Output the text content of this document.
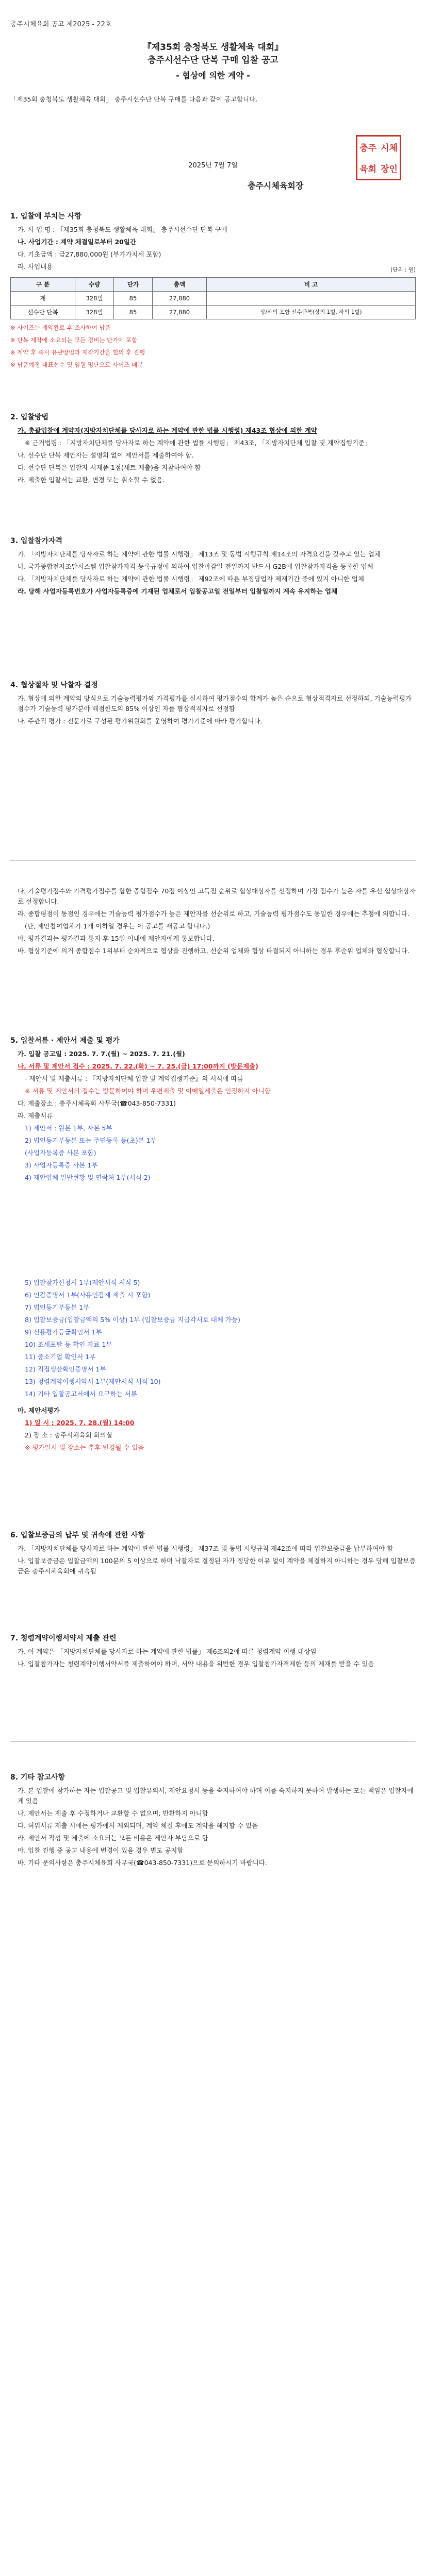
충주시체육회 공고 제2025 - 22호
『제35회 충청북도 생활체육 대회』
충주시선수단 단복 구매 입찰 공고
- 협상에 의한 계약 -
「제35회 충청북도 생활체육 대회」 충주시선수단 단복 구매를 다음과 같이 공고합니다.
2025년 7월 7일
충주시체육회장
충주 시체
육회 장인
1. 입찰에 부치는 사항

가. 사 업 명 : 『제35회 충청북도 생활체육 대회』 충주시선수단 단복 구매

나. 사업기간 : 계약 체결일로부터 20일간

다. 기초금액 : 금27,880,000원 (부가가치세 포함)

라. 사업내용	(단위 : 원)
구 분	수량	단가	총액	비 고
계	328벌	85	27,880	
선수단 단복	328벌	85	27,880	상/하의 포함 선수단복(상의 1벌, 하의 1벌)

※ 사이즈는 계약완료 후 조사하여 납품

※ 단복 제작에 소요되는 모든 경비는 단가에 포함

※ 계약 후 즉시 유관방법과 제작기간을 협의 후 진행

※ 납품예정 대표선수 및 임원 명단으로 사이즈 배분

2. 입찰방법

가. 총괄입찰에 계약자(지방자치단체를 당사자로 하는 계약에 관한 법률 시행령) 제43조 협상에 의한 계약

※ 근거법령 : 「지방자치단체를 당사자로 하는 계약에 관한 법률 시행령」 제43조, 「지방자치단체 입찰 및 계약집행기준」

나. 선수단 단복 제안자는 설명회 없이 제안서를 제출하여야 함.

다. 선수단 단복은 입찰자 시제품 1점(세트 제출)을 지참하여야 함

라. 제출한 입찰서는 교환, 변경 또는 취소할 수 없음.

3. 입찰참가자격

가. 「지방자치단체를 당사자로 하는 계약에 관한 법률 시행령」 제13조 및 동법 시행규칙 제14조의 자격요건을 갖추고 있는 업체

나. 국가종합전자조달시스템 입찰참가자격 등록규정에 의하여 입찰마감일 전일까지 반드시 G2B에 입찰참가자격을 등록한 업체

다. 「지방자치단체를 당사자로 하는 계약에 관한 법률 시행령」 제92조에 따른 부정당업자 제재기간 중에 있지 아니한 업체

라. 당해 사업자등록번호가 사업자등록증에 기재된 업체로서 입찰공고일 전일부터 입찰일까지 계속 유지하는 업체

4. 협상절차 및 낙찰자 결정

가. 협상에 의한 계약의 방식으로 기술능력평가와 가격평가를 실시하여 평가점수의 합계가 높은 순으로 협상적격자로 선정하되, 기술능력평가 점수가 기술능력 평가분야 배점한도의 85% 이상인 자를 협상적격자로 선정함

나. 주관적 평가 : 전문가로 구성된 평가위원회를 운영하여 평가기준에 따라 평가합니다.

다. 기술평가점수와 가격평가점수를 합한 종합점수 70점 이상인 고득점 순위로 협상대상자를 선정하며 가장 점수가 높은 자를 우선 협상대상자로 선정합니다.

라. 종합평점이 동점인 경우에는 기술능력 평가점수가 높은 제안자를 선순위로 하고, 기술능력 평가점수도 동일한 경우에는 추첨에 의합니다.

(단, 제안참여업체가 1개 이하일 경우는 이 공고를 재공고 합니다.)

마. 평가결과는 평가결과 통지 후 15일 이내에 제안자에게 통보합니다.

바. 협상기준에 의거 종합점수 1위부터 순차적으로 협상을 진행하고, 선순위 업체와 협상 타결되지 아니하는 경우 후순위 업체와 협상합니다.

5. 입찰서류 · 제안서 제출 및 평가

가. 입찰 공고일 : 2025. 7. 7.(월) ~ 2025. 7. 21.(월)

나. 서류 및 제안서 접수 : 2025. 7. 22.(화) ~ 7. 25.(금) 17:00까지 (방문제출)

- 제안서 및 제출서류 : 『지방자치단체 입찰 및 계약집행기준』의 서식에 따름

※ 서류 및 제안서의 접수는 방문하여야 하며 우편제출 및 이메일제출은 인정하지 아니함

다. 제출장소 : 충주시체육회 사무국(☎043-850-7331)

라. 제출서류

1) 제안서 : 원본 1부, 사본 5부

2) 법인등기부등본 또는 주민등록 등(초)본 1부

(사업자등록증 사본 포함)

3) 사업자등록증 사본 1부

4) 제안업체 일반현황 및 연락처 1부(서식 2)

5) 입찰참가신청서 1부(제안서식 서식 5)

6) 인감증명서 1부(사용인감계 제출 시 포함)

7) 법인등기부등본 1부

8) 입찰보증금(입찰금액의 5% 이상) 1부 (입찰보증금 지급각서로 대체 가능)

9) 신용평가등급확인서 1부

10) 조세포탈 등 확인 자료 1부

11) 중소기업 확인서 1부

12) 직접생산확인증명서 1부

13) 청렴계약이행서약서 1부(제안서식 서식 10)

14) 기타 입찰공고서에서 요구하는 서류

마. 제안서평가

1) 일 시 : 2025. 7. 28.(월) 14:00

2) 장 소 : 충주시체육회 회의실

※ 평가일시 및 장소는 추후 변경될 수 있음

6. 입찰보증금의 납부 및 귀속에 관한 사항

가. 「지방자치단체를 당사자로 하는 계약에 관한 법률 시행령」 제37조 및 동법 시행규칙 제42조에 따라 입찰보증금을 납부하여야 함

나. 입찰보증금은 입찰금액의 100분의 5 이상으로 하며 낙찰자로 결정된 자가 정당한 이유 없이 계약을 체결하지 아니하는 경우 당해 입찰보증금은 충주시체육회에 귀속됨

7. 청렴계약이행서약서 제출 관련

가. 이 계약은 「지방자치단체를 당사자로 하는 계약에 관한 법률」 제6조의2에 따른 청렴계약 이행 대상임

나. 입찰참가자는 청렴계약이행서약서를 제출하여야 하며, 서약 내용을 위반한 경우 입찰참가자격제한 등의 제재를 받을 수 있음

8. 기타 참고사항

가. 본 입찰에 참가하는 자는 입찰공고 및 입찰유의서, 제안요청서 등을 숙지하여야 하며 이를 숙지하지 못하여 발생하는 모든 책임은 입찰자에게 있음

나. 제안서는 제출 후 수정하거나 교환할 수 없으며, 반환하지 아니함

다. 허위서류 제출 시에는 평가에서 제외되며, 계약 체결 후에도 계약을 해지할 수 있음

라. 제안서 작성 및 제출에 소요되는 모든 비용은 제안자 부담으로 함

마. 입찰 진행 중 공고 내용에 변경이 있을 경우 별도 공지함

바. 기타 문의사항은 충주시체육회 사무국(☎043-850-7331)으로 문의하시기 바랍니다.
